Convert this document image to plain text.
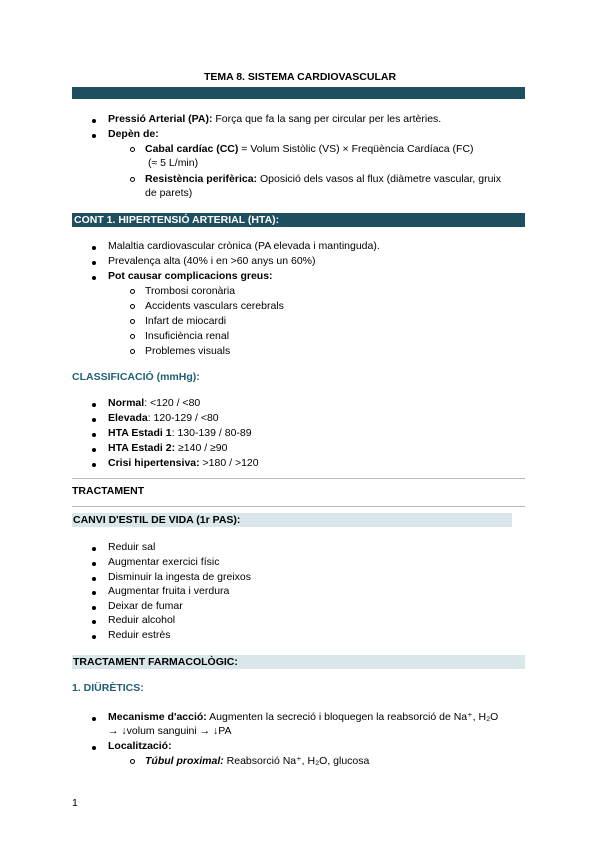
TEMA 8. SISTEMA CARDIOVASCULAR
Pressió Arterial (PA): Força que fa la sang per circular per les artèries.
Depèn de:
Cabal cardíac (CC) = Volum Sistòlic (VS) × Freqüència Cardíaca (FC)
(≈ 5 L/min)
Resistència perifèrica: Oposició dels vasos al flux (diàmetre vascular, gruix
de parets)
CONT 1. HIPERTENSIÓ ARTERIAL (HTA):
Malaltia cardiovascular crònica (PA elevada i mantinguda).
Prevalença alta (40% i en >60 anys un 60%)
Pot causar complicacions greus:
Trombosi coronària
Accidents vasculars cerebrals
Infart de miocardi
Insuficiència renal
Problemes visuals
CLASSIFICACIÓ (mmHg):
Normal: <120 / <80
Elevada: 120-129 / <80
HTA Estadi 1: 130-139 / 80-89
HTA Estadi 2: ≥140 / ≥90
Crisi hipertensiva: >180 / >120
TRACTAMENT
CANVI D'ESTIL DE VIDA (1r PAS):
Reduir sal
Augmentar exercici físic
Disminuir la ingesta de greixos
Augmentar fruita i verdura
Deixar de fumar
Reduir alcohol
Reduir estrès
TRACTAMENT FARMACOLÒGIC:
1. DIÜRÈTICS:
Mecanisme d'acció: Augmenten la secreció i bloquegen la reabsorció de Na⁺, H₂O
→ ↓volum sanguini → ↓PA
Localització:
Túbul proximal: Reabsorció Na⁺, H₂O, glucosa
1
